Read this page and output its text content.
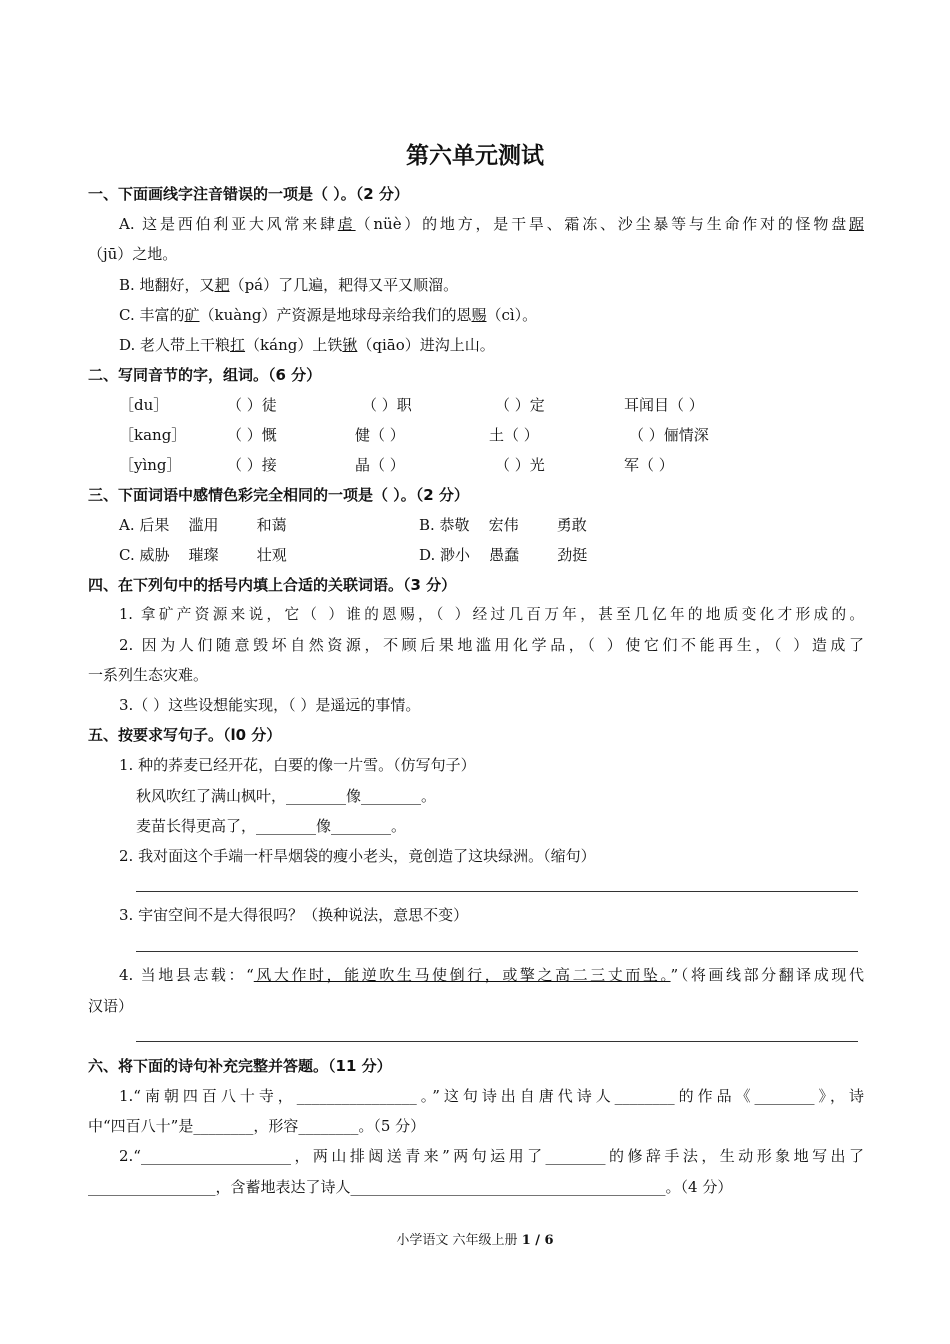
第六单元测试
一、下面画线字注音错误的一项是（ ）。（2 分）
A. 这是西伯利亚大风常来肆虐（nüè）的地方，是干旱、霜冻、沙尘暴等与生命作对的怪物盘踞
（jū）之地。
B. 地翻好，又耙（pá）了几遍，耙得又平又顺溜。
C. 丰富的矿（kuàng）产资源是地球母亲给我们的恩赐（cì）。
D. 老人带上干粮扛（káng）上铁锹（qiāo）进沟上山。
二、写同音节的字，组词。（6 分）
［du］	（ ）徒	（ ）职	（ ）定	耳闻目（ ）
［kang］	（ ）慨	健（ ）	土（ ）	（ ）俪情深
［yìng］	（ ）接	晶（ ）	（ ）光	军（ ）
三、下面词语中感情色彩完全相同的一项是（ ）。（2 分）
A. 后果    滥用        和蔼	B. 恭敬    宏伟        勇敢
C. 威胁    璀璨        壮观	D. 渺小    愚蠢        劲挺
四、在下列句中的括号内填上合适的关联词语。（3 分）
1. 拿矿产资源来说，它（ ）谁的恩赐，（ ）经过几百万年，甚至几亿年的地质变化才形成的。
2. 因为人们随意毁坏自然资源，不顾后果地滥用化学品，（ ）使它们不能再生，（ ）造成了
一系列生态灾难。
3.（ ）这些设想能实现，（ ）是遥远的事情。
五、按要求写句子。（l0 分）
1. 种的荞麦已经开花，白要的像一片雪。（仿写句子）
秋风吹红了满山枫叶，________像________。
麦苗长得更高了，________像________。
2. 我对面这个手端一杆旱烟袋的瘦小老头，竟创造了这块绿洲。（缩句）
3. 宇宙空间不是大得很吗？（换种说法，意思不变）
4. 当地县志载：“风大作时，能逆吹生马使倒行，或擎之高二三丈而坠。”（将画线部分翻译成现代
汉语）
六、将下面的诗句补充完整并答题。（11 分）
1.“南朝四百八十寺，________________。”这句诗出自唐代诗人________的作品《________》，诗
中“四百八十”是________，形容________。（5 分）
2.“____________________，两山排闼送青来”两句运用了________的修辞手法，生动形象地写出了
_________________，含蓄地表达了诗人__________________________________________。（4 分）
小学语文 六年级上册 1 / 6
